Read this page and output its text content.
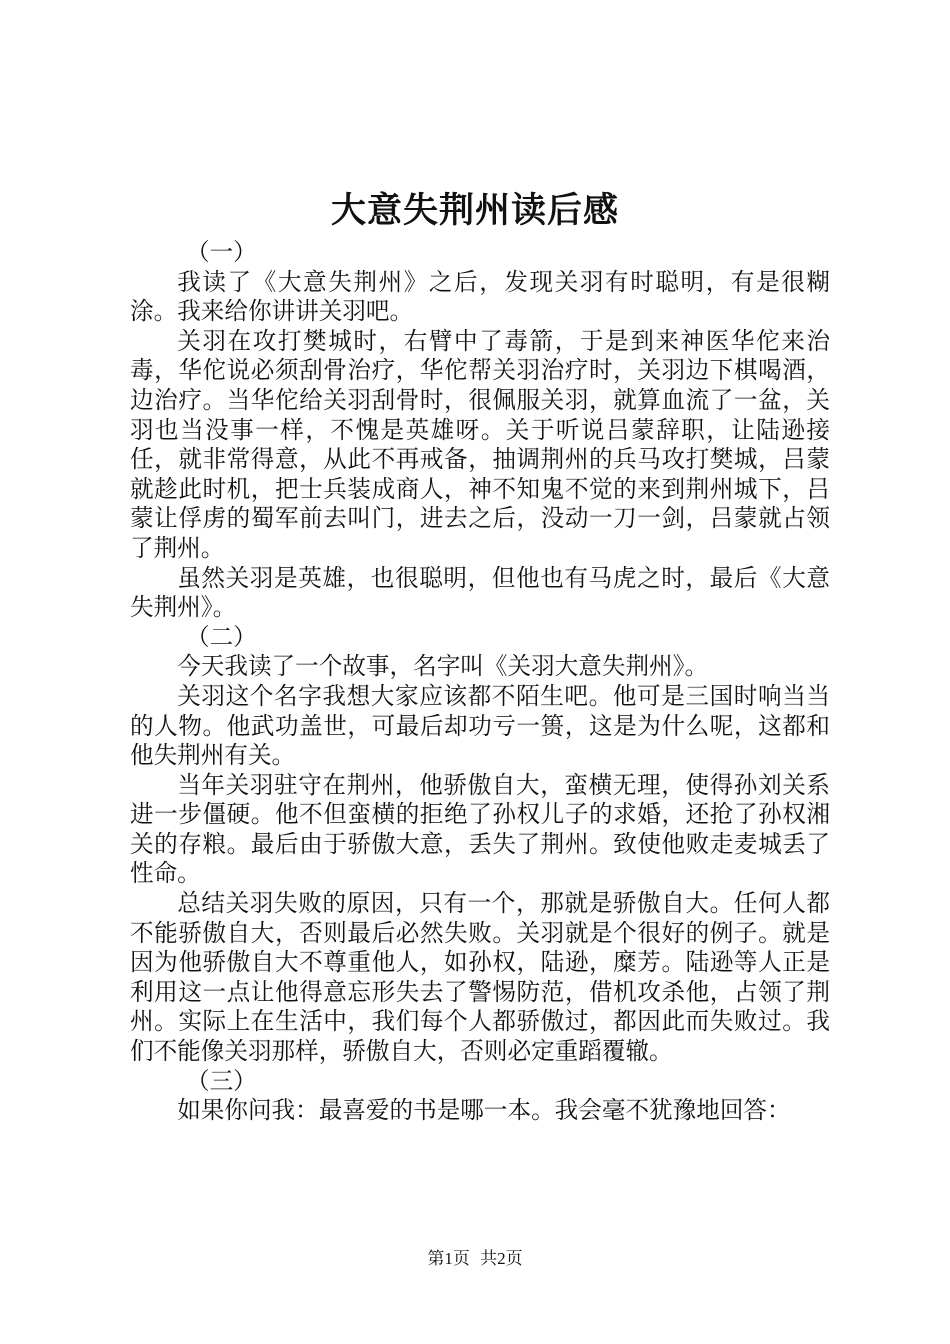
大意失荆州读后感

（一）

我读了《大意失荆州》之后，发现关羽有时聪明，有是很糊涂。我来给你讲讲关羽吧。

关羽在攻打樊城时，右臂中了毒箭，于是到来神医华佗来治毒，华佗说必须刮骨治疗，华佗帮关羽治疗时，关羽边下棋喝酒，边治疗。当华佗给关羽刮骨时，很佩服关羽，就算血流了一盆，关羽也当没事一样，不愧是英雄呀。关于听说吕蒙辞职，让陆逊接任，就非常得意，从此不再戒备，抽调荆州的兵马攻打樊城，吕蒙就趁此时机，把士兵装成商人，神不知鬼不觉的来到荆州城下，吕蒙让俘虏的蜀军前去叫门，进去之后，没动一刀一剑，吕蒙就占领了荆州。

虽然关羽是英雄，也很聪明，但他也有马虎之时，最后《大意失荆州》。

（二）

今天我读了一个故事，名字叫《关羽大意失荆州》。

关羽这个名字我想大家应该都不陌生吧。他可是三国时响当当的人物。他武功盖世，可最后却功亏一篑，这是为什么呢，这都和他失荆州有关。

当年关羽驻守在荆州，他骄傲自大，蛮横无理，使得孙刘关系进一步僵硬。他不但蛮横的拒绝了孙权儿子的求婚，还抢了孙权湘关的存粮。最后由于骄傲大意，丢失了荆州。致使他败走麦城丢了性命。

总结关羽失败的原因，只有一个，那就是骄傲自大。任何人都不能骄傲自大，否则最后必然失败。关羽就是个很好的例子。就是因为他骄傲自大不尊重他人，如孙权，陆逊，糜芳。陆逊等人正是利用这一点让他得意忘形失去了警惕防范，借机攻杀他，占领了荆州。实际上在生活中，我们每个人都骄傲过，都因此而失败过。我们不能像关羽那样，骄傲自大，否则必定重蹈覆辙。

（三）

如果你问我：最喜爱的书是哪一本。我会毫不犹豫地回答：

第1页 共2页
